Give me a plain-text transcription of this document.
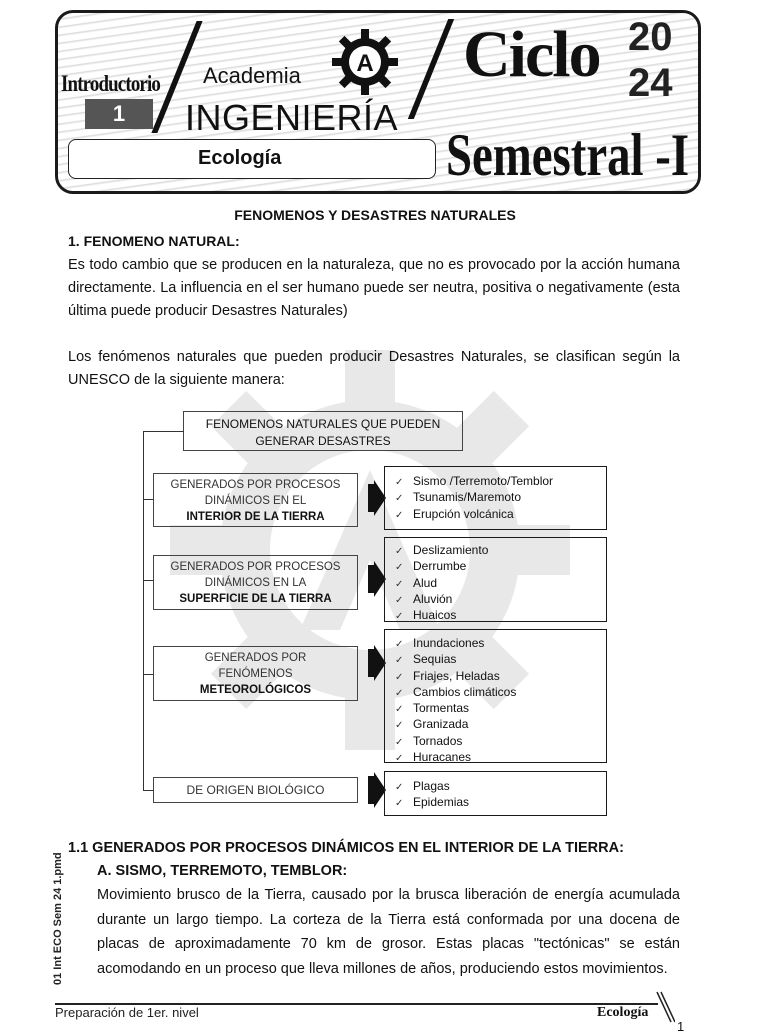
Introductorio
1
Academia
INGENIERÍA
A Ciclo 20
24
Semestral -I
Ecología
FENOMENOS Y DESASTRES NATURALES
1. FENOMENO NATURAL:
Es todo cambio que se producen en la naturaleza, que no es provocado por la acción humana directamente. La influencia en el ser humano puede ser neutra, positiva o negativamente (esta última puede producir Desastres Naturales)
Los fenómenos naturales que pueden producir Desastres Naturales, se clasifican según la UNESCO de la siguiente manera:
FENOMENOS NATURALES QUE PUEDEN GENERAR DESASTRES
GENERADOS POR PROCESOS
DINÁMICOS EN EL
INTERIOR DE LA TIERRA
✓ Sismo /Terremoto/Temblor
✓ Tsunamis/Maremoto
✓ Erupción volcánica
GENERADOS POR PROCESOS
DINÁMICOS EN LA
SUPERFICIE DE LA TIERRA
✓ Deslizamiento
✓ Derrumbe
✓ Alud
✓ Aluvión
✓ Huaicos
GENERADOS POR
FENÓMENOS
METEOROLÓGICOS
✓ Inundaciones
✓ Sequias
✓ Friajes, Heladas
✓ Cambios climáticos
✓ Tormentas
✓ Granizada
✓ Tornados
✓ Huracanes
DE ORIGEN BIOLÓGICO	✓ Plagas
✓ Epidemias
1.1 GENERADOS POR PROCESOS DINÁMICOS EN EL INTERIOR DE LA TIERRA:
A. SISMO, TERREMOTO, TEMBLOR:
Movimiento brusco de la Tierra, causado por la brusca liberación de energía acumulada durante un largo tiempo. La corteza de la Tierra está conformada por una docena de placas de aproximadamente 70 km de grosor. Estas placas "tectónicas" se están acomodando en un proceso que lleva millones de años, produciendo estos movimientos.
01 Int ECO Sem 24 1.pmd
Preparación de 1er. nivel	Ecología
1
